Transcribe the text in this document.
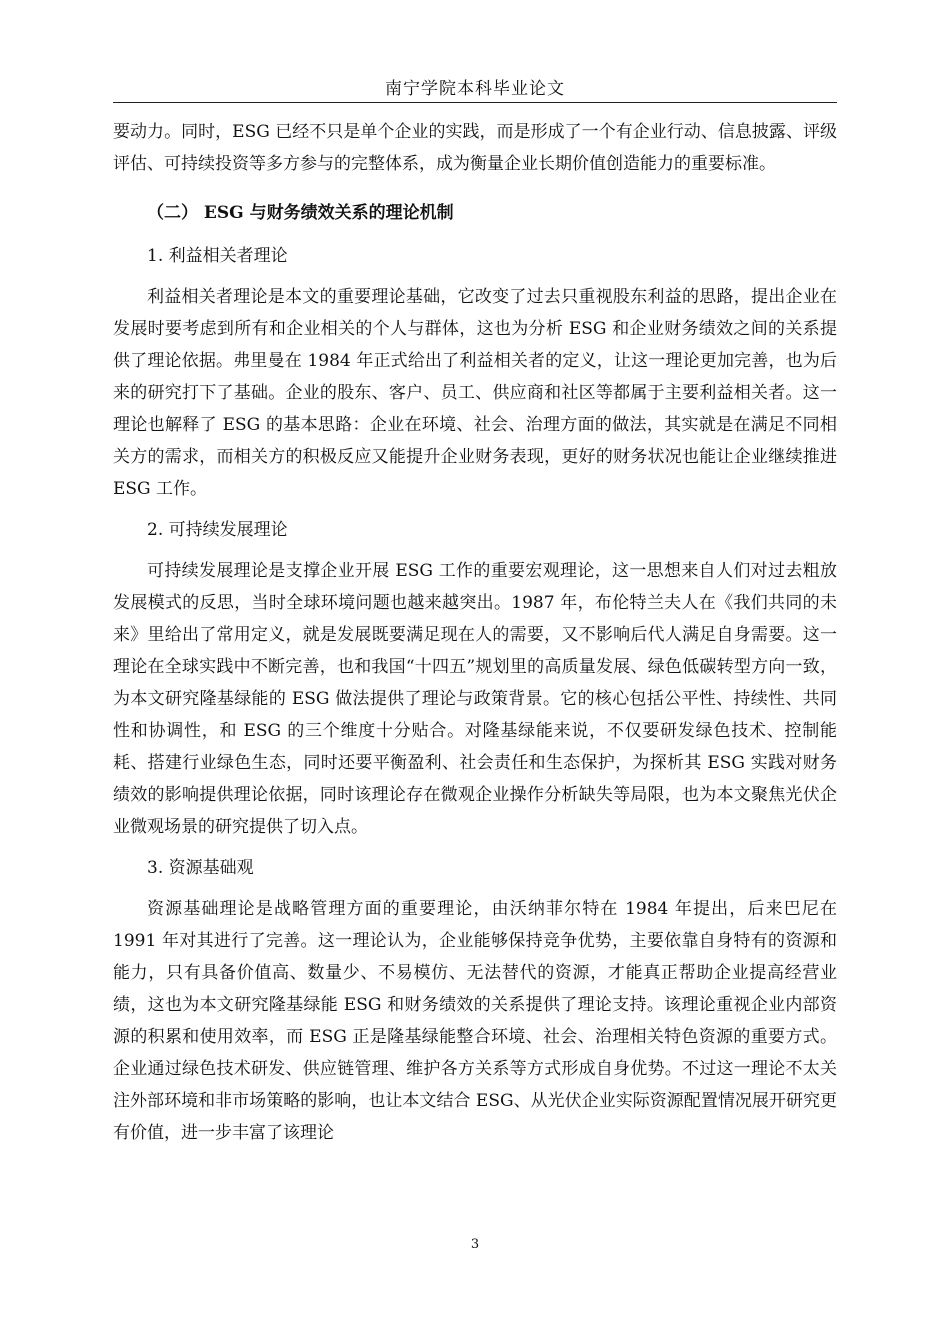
南宁学院本科毕业论文

要动力。同时，ESG 已经不只是单个企业的实践，而是形成了一个有企业行动、信息披露、评级评估、可持续投资等多方参与的完整体系，成为衡量企业长期价值创造能力的重要标准。

（二） ESG 与财务绩效关系的理论机制
1. 利益相关者理论

利益相关者理论是本文的重要理论基础，它改变了过去只重视股东利益的思路，提出企业在发展时要考虑到所有和企业相关的个人与群体，这也为分析 ESG 和企业财务绩效之间的关系提供了理论依据。弗里曼在 1984 年正式给出了利益相关者的定义，让这一理论更加完善，也为后来的研究打下了基础。企业的股东、客户、员工、供应商和社区等都属于主要利益相关者。这一理论也解释了 ESG 的基本思路：企业在环境、社会、治理方面的做法，其实就是在满足不同相关方的需求，而相关方的积极反应又能提升企业财务表现，更好的财务状况也能让企业继续推进 ESG 工作。

2. 可持续发展理论

可持续发展理论是支撑企业开展 ESG 工作的重要宏观理论，这一思想来自人们对过去粗放发展模式的反思，当时全球环境问题也越来越突出。1987 年，布伦特兰夫人在《我们共同的未来》里给出了常用定义，就是发展既要满足现在人的需要，又不影响后代人满足自身需要。这一理论在全球实践中不断完善，也和我国“十四五”规划里的高质量发展、绿色低碳转型方向一致，为本文研究隆基绿能的 ESG 做法提供了理论与政策背景。它的核心包括公平性、持续性、共同性和协调性，和 ESG 的三个维度十分贴合。对隆基绿能来说，不仅要研发绿色技术、控制能耗、搭建行业绿色生态，同时还要平衡盈利、社会责任和生态保护，为探析其 ESG 实践对财务绩效的影响提供理论依据，同时该理论存在微观企业操作分析缺失等局限，也为本文聚焦光伏企业微观场景的研究提供了切入点。

3. 资源基础观

资源基础理论是战略管理方面的重要理论，由沃纳菲尔特在 1984 年提出，后来巴尼在 1991 年对其进行了完善。这一理论认为，企业能够保持竞争优势，主要依靠自身特有的资源和能力，只有具备价值高、数量少、不易模仿、无法替代的资源，才能真正帮助企业提高经营业绩，这也为本文研究隆基绿能 ESG 和财务绩效的关系提供了理论支持。该理论重视企业内部资源的积累和使用效率，而 ESG 正是隆基绿能整合环境、社会、治理相关特色资源的重要方式。企业通过绿色技术研发、供应链管理、维护各方关系等方式形成自身优势。不过这一理论不太关注外部环境和非市场策略的影响，也让本文结合 ESG、从光伏企业实际资源配置情况展开研究更有价值，进一步丰富了该理论

3
